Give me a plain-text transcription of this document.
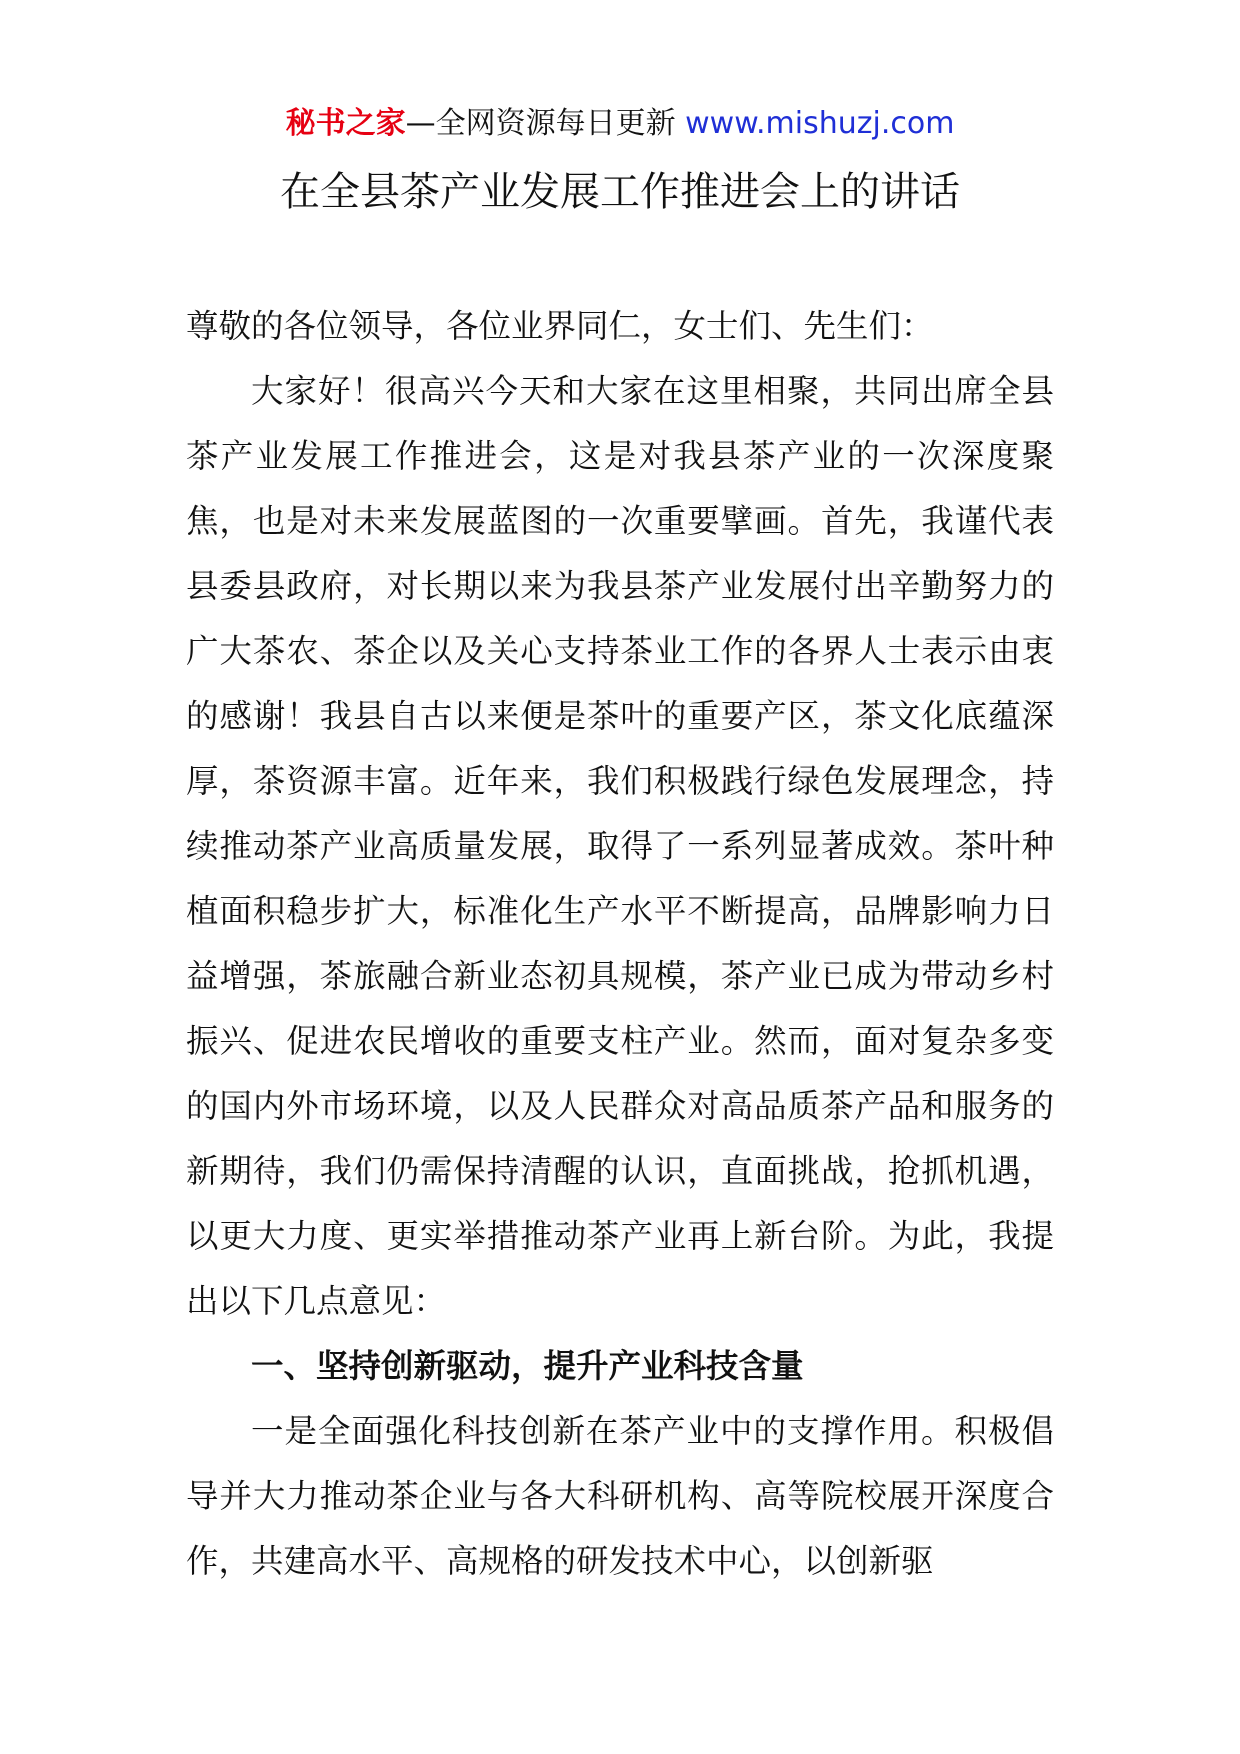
秘书之家—全网资源每日更新 www.mishuzj.com
在全县茶产业发展工作推进会上的讲话

尊敬的各位领导，各位业界同仁，女士们、先生们：

大家好！很高兴今天和大家在这里相聚，共同出席全县茶产业发展工作推进会，这是对我县茶产业的一次深度聚焦，也是对未来发展蓝图的一次重要擘画。首先，我谨代表县委县政府，对长期以来为我县茶产业发展付出辛勤努力的广大茶农、茶企以及关心支持茶业工作的各界人士表示由衷的感谢！我县自古以来便是茶叶的重要产区，茶文化底蕴深厚，茶资源丰富。近年来，我们积极践行绿色发展理念，持续推动茶产业高质量发展，取得了一系列显著成效。茶叶种植面积稳步扩大，标准化生产水平不断提高，品牌影响力日益增强，茶旅融合新业态初具规模，茶产业已成为带动乡村振兴、促进农民增收的重要支柱产业。然而，面对复杂多变的国内外市场环境，以及人民群众对高品质茶产品和服务的新期待，我们仍需保持清醒的认识，直面挑战，抢抓机遇，以更大力度、更实举措推动茶产业再上新台阶。为此，我提出以下几点意见：

一、坚持创新驱动，提升产业科技含量

一是全面强化科技创新在茶产业中的支撑作用。积极倡导并大力推动茶企业与各大科研机构、高等院校展开深度合作，共建高水平、高规格的研发技术中心，以创新驱
